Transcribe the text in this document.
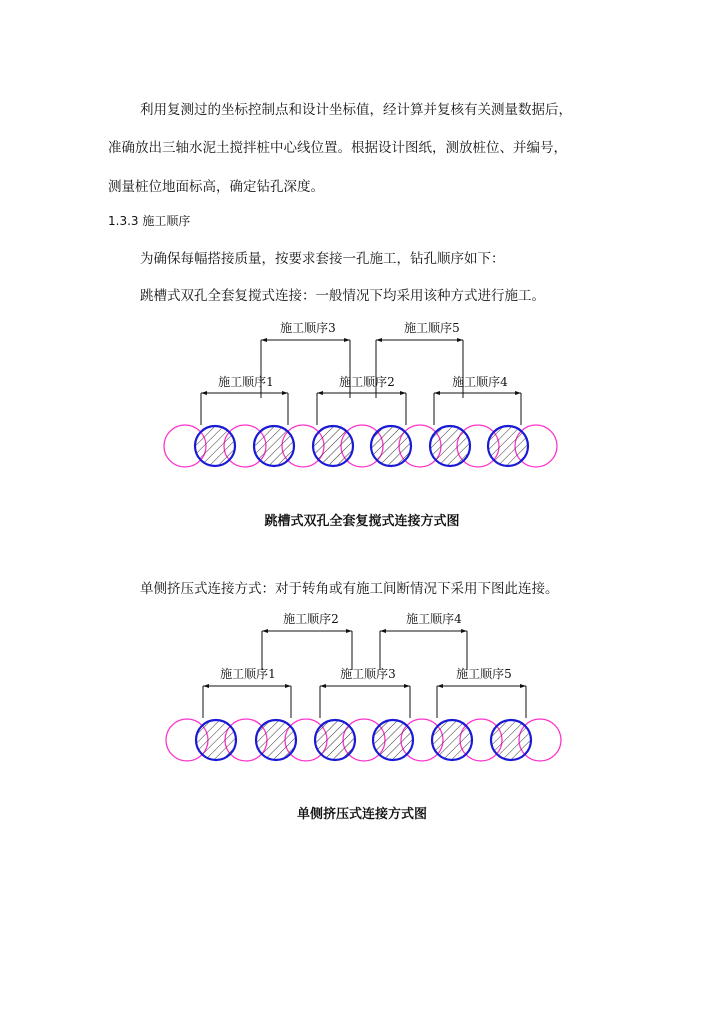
利用复测过的坐标控制点和设计坐标值，经计算并复核有关测量数据后，
准确放出三轴水泥土搅拌桩中心线位置。根据设计图纸，测放桩位、并编号，
测量桩位地面标高，确定钻孔深度。
1.3.3 施工顺序
为确保每幅搭接质量，按要求套接一孔施工，钻孔顺序如下：
跳槽式双孔全套复搅式连接：一般情况下均采用该种方式进行施工。
施工顺序3	施工顺序5
施工顺序1	施工顺序2	施工顺序4
跳槽式双孔全套复搅式连接方式图
单侧挤压式连接方式：对于转角或有施工间断情况下采用下图此连接。
施工顺序2	施工顺序4
施工顺序1	施工顺序3	施工顺序5
单侧挤压式连接方式图
